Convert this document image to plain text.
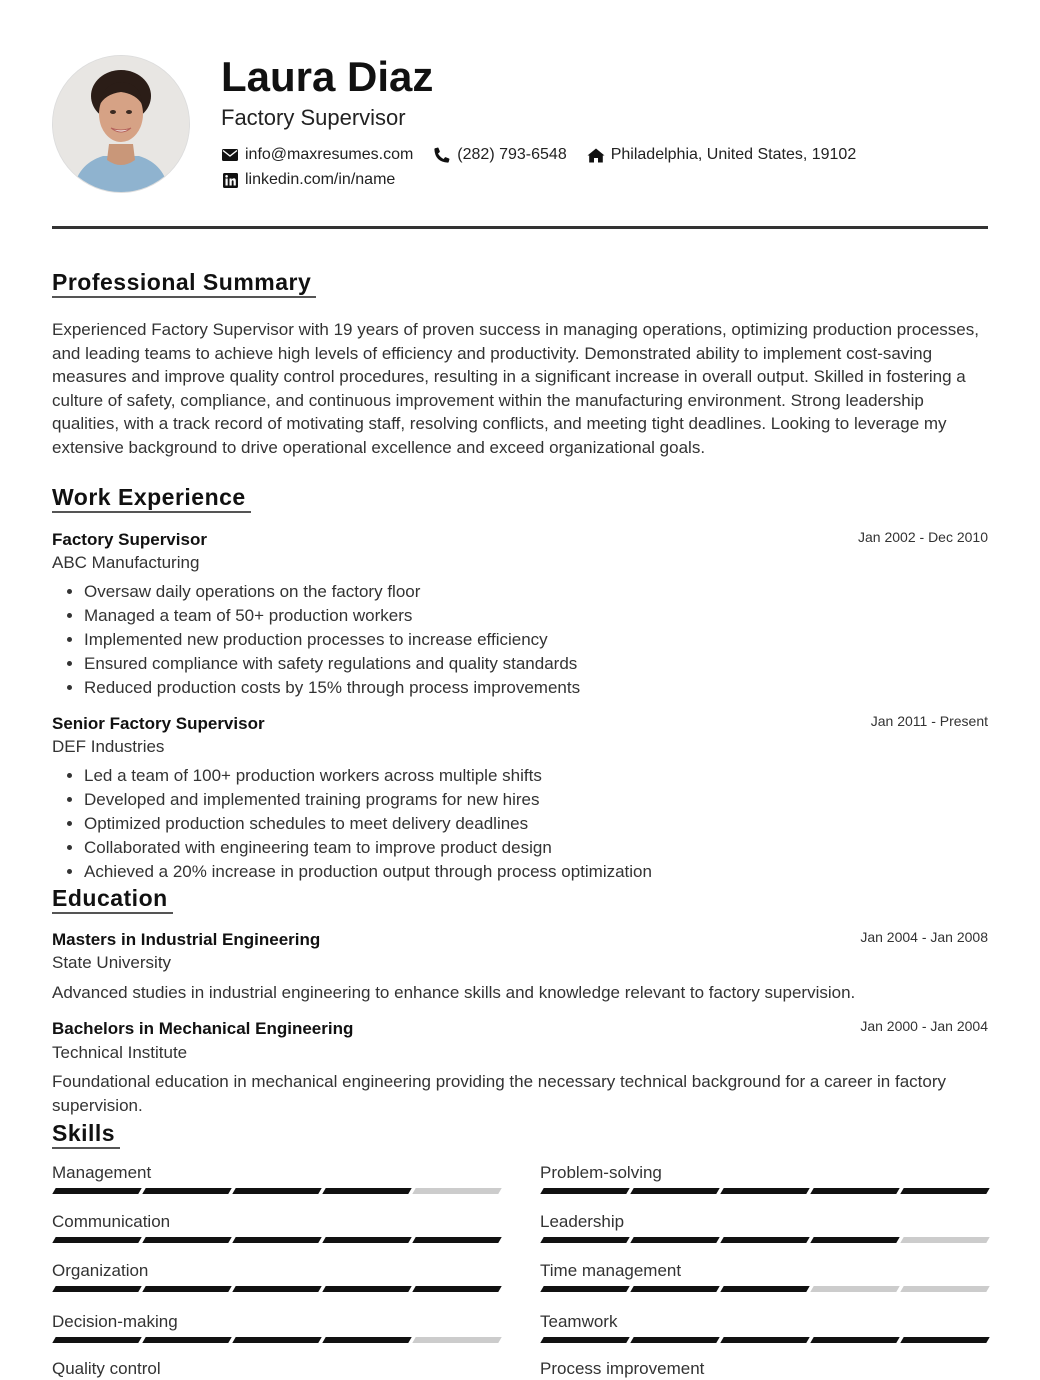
Laura Diaz
Factory Supervisor
info@maxresumes.com	(282) 793-6548	Philadelphia, United States, 19102
linkedin.com/in/name
Professional Summary
Experienced Factory Supervisor with 19 years of proven success in managing operations, optimizing production processes, and leading teams to achieve high levels of efficiency and productivity. Demonstrated ability to implement cost-saving measures and improve quality control procedures, resulting in a significant increase in overall output. Skilled in fostering a culture of safety, compliance, and continuous improvement within the manufacturing environment. Strong leadership qualities, with a track record of motivating staff, resolving conflicts, and meeting tight deadlines. Looking to leverage my extensive background to drive operational excellence and exceed organizational goals.
Work Experience
Factory Supervisor	Jan 2002 - Dec 2010
ABC Manufacturing
• Oversaw daily operations on the factory floor
• Managed a team of 50+ production workers
• Implemented new production processes to increase efficiency
• Ensured compliance with safety regulations and quality standards
• Reduced production costs by 15% through process improvements
Senior Factory Supervisor	Jan 2011 - Present
DEF Industries
• Led a team of 100+ production workers across multiple shifts
• Developed and implemented training programs for new hires
• Optimized production schedules to meet delivery deadlines
• Collaborated with engineering team to improve product design
• Achieved a 20% increase in production output through process optimization
Education
Masters in Industrial Engineering	Jan 2004 - Jan 2008
State University
Advanced studies in industrial engineering to enhance skills and knowledge relevant to factory supervision.
Bachelors in Mechanical Engineering	Jan 2000 - Jan 2004
Technical Institute
Foundational education in mechanical engineering providing the necessary technical background for a career in factory supervision.
Skills
Management	Problem-solving
Communication	Leadership
Organization	Time management
Decision-making	Teamwork
Quality control	Process improvement
